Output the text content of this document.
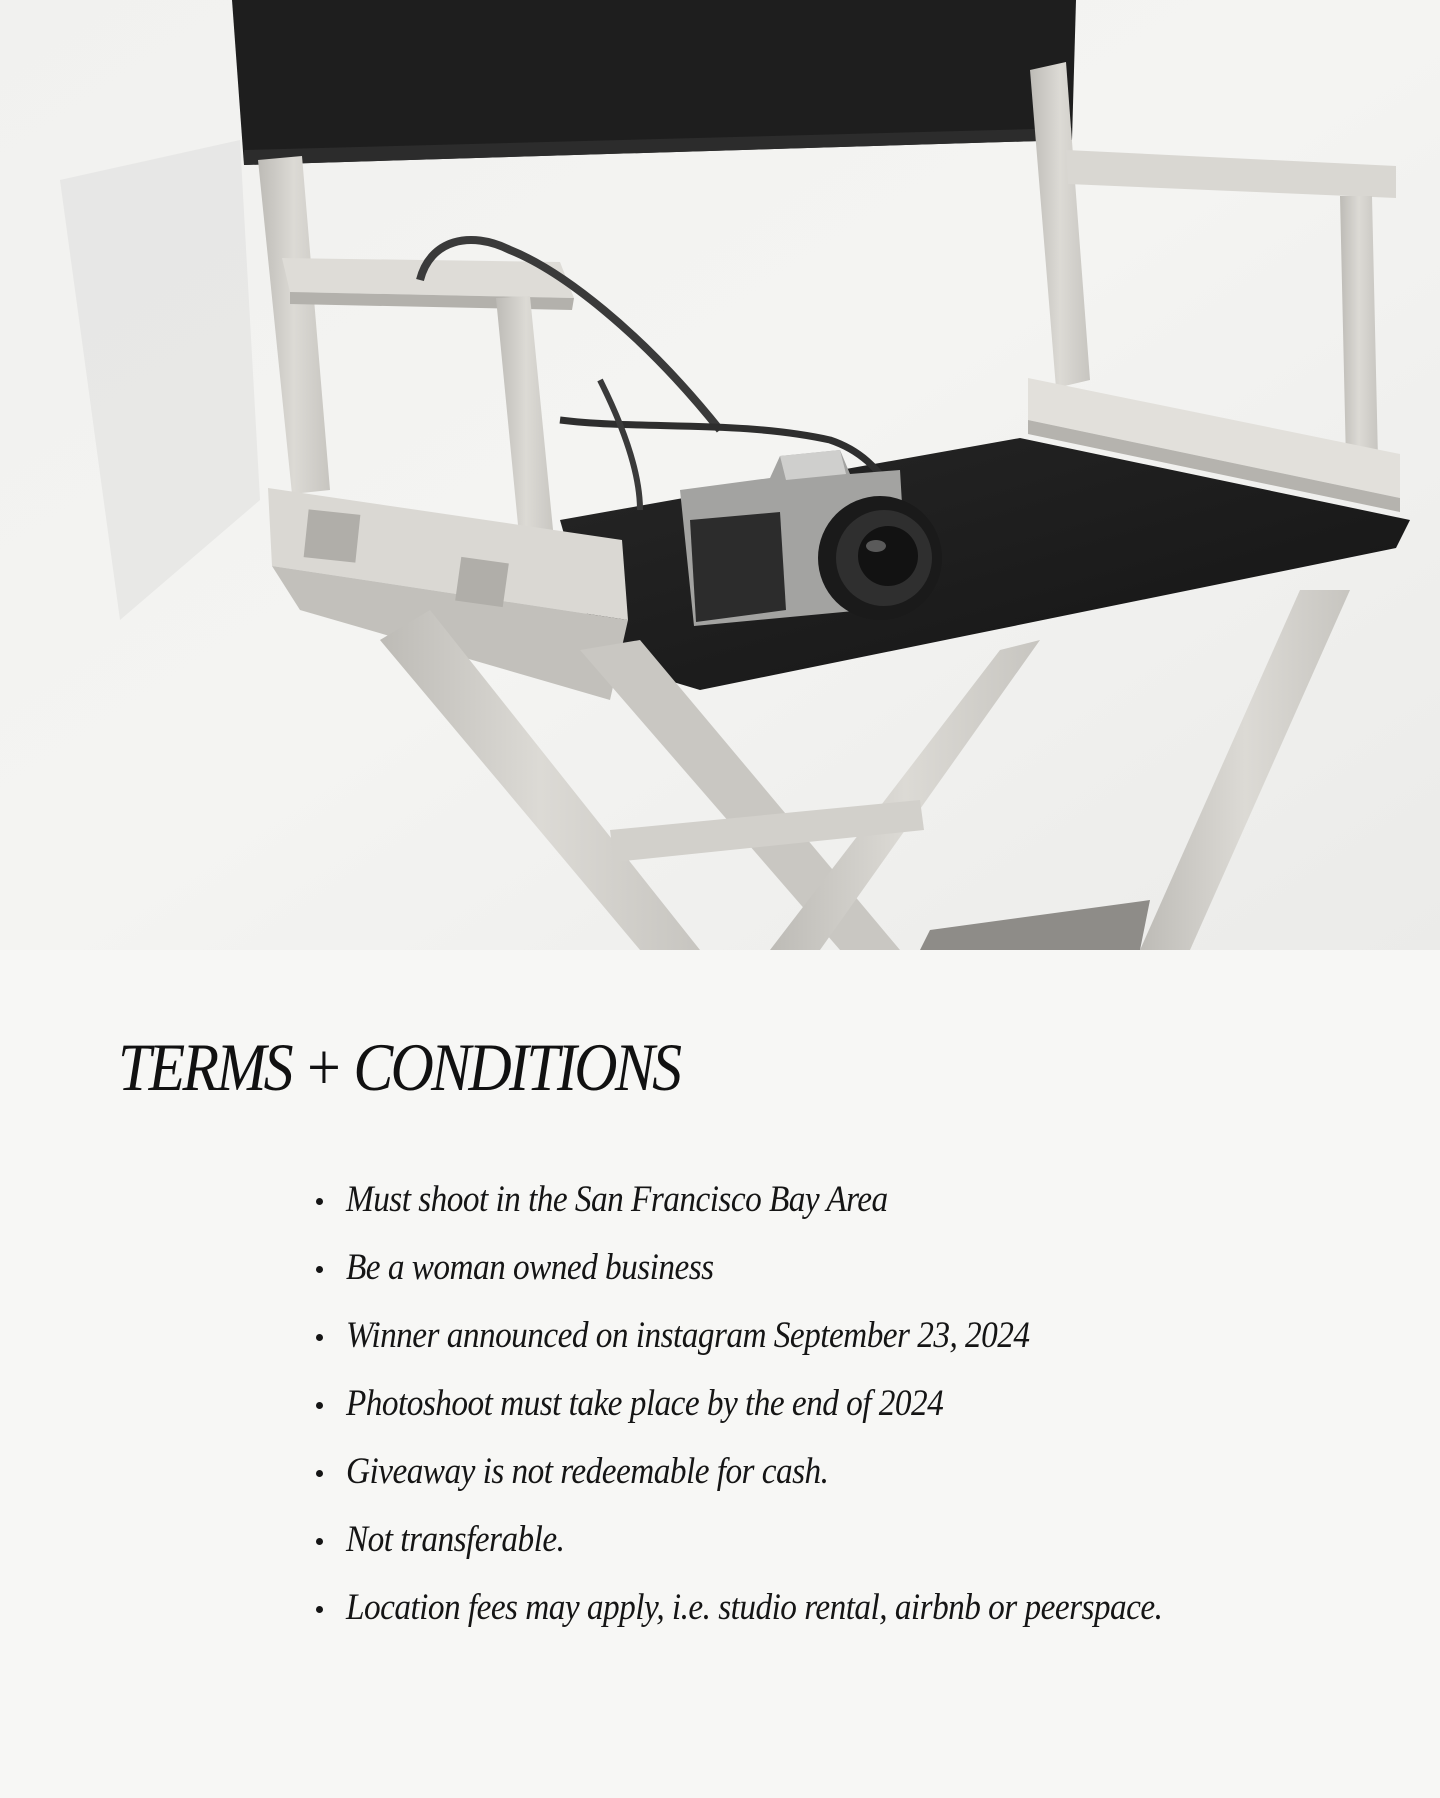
TERMS + CONDITIONS
Must shoot in the San Francisco Bay Area
Be a woman owned business
Winner announced on instagram September 23, 2024
Photoshoot must take place by the end of 2024
Giveaway is not redeemable for cash.
Not transferable.
Location fees may apply, i.e. studio rental, airbnb or peerspace.
